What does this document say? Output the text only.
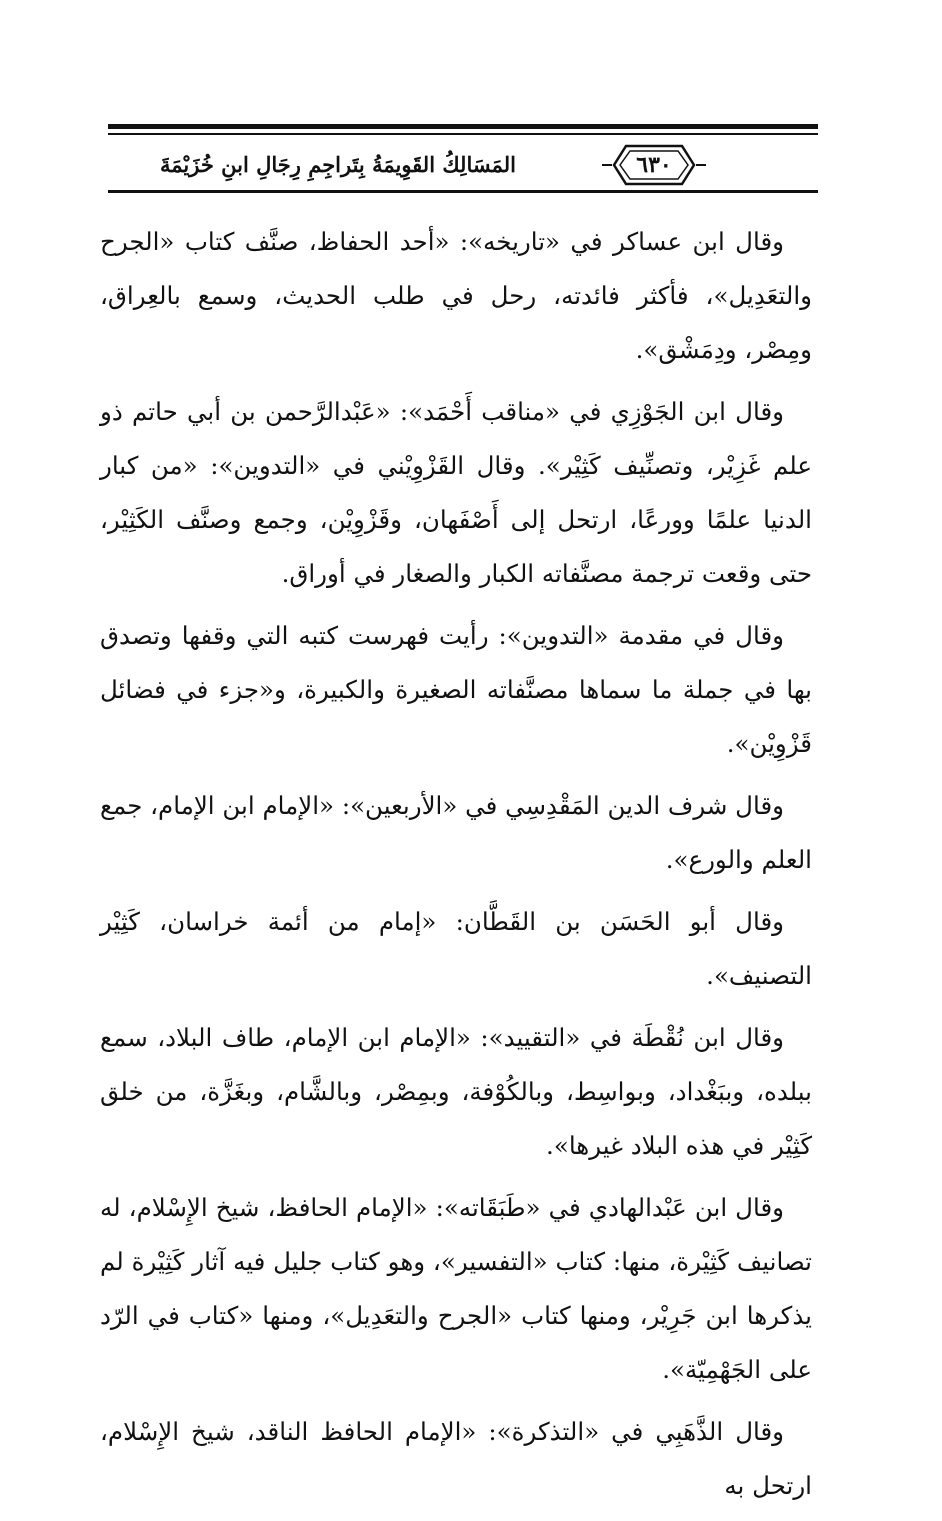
٦٣٠
المَسَالِكُ القَوِيمَةُ بِتَراجِمِ رِجَالِ ابنِ خُزَيْمَةَ

وقال ابن عساكر في «تاريخه»: «أحد الحفاظ، صنَّف كتاب «الجرح والتعَدِيل»، فأكثر فائدته، رحل في طلب الحديث، وسمع بالعِراق، ومِصْر، ودِمَشْق».

وقال ابن الجَوْزِي في «مناقب أَحْمَد»: «عَبْدالرَّحمن بن أبي حاتم ذو علم غَزِيْر، وتصنِّيف كَثِيْر». وقال القَزْوِيْني في «التدوين»: «من كبار الدنيا علمًا وورعًا، ارتحل إلى أَصْفَهان، وقَزْوِيْن، وجمع وصنَّف الكَثِيْر، حتى وقعت ترجمة مصنَّفاته الكبار والصغار في أوراق.

وقال في مقدمة «التدوين»: رأيت فهرست كتبه التي وقفها وتصدق بها في جملة ما سماها مصنَّفاته الصغيرة والكبيرة، و«جزء في فضائل قَزْوِيْن».

وقال شرف الدين المَقْدِسِي في «الأربعين»: «الإمام ابن الإمام، جمع العلم والورع».

وقال أبو الحَسَن بن القَطَّان: «إمام من أئمة خراسان، كَثِيْر التصنيف».

وقال ابن نُقْطَة في «التقييد»: «الإمام ابن الإمام، طاف البلاد، سمع ببلده، وببَغْداد، وبواسِط، وبالكُوْفة، وبمِصْر، وبالشَّام، وبغَزَّة، من خلق كَثِيْر في هذه البلاد غيرها».

وقال ابن عَبْدالهادي في «طَبَقَاته»: «الإمام الحافظ، شيخ الإِسْلام، له تصانيف كَثِيْرة، منها: كتاب «التفسير»، وهو كتاب جليل فيه آثار كَثِيْرة لم يذكرها ابن جَرِيْر، ومنها كتاب «الجرح والتعَدِيل»، ومنها «كتاب في الرّد على الجَهْمِيّة».

وقال الذَّهَبِي في «التذكرة»: «الإمام الحافظ الناقد، شيخ الإِسْلام، ارتحل به
